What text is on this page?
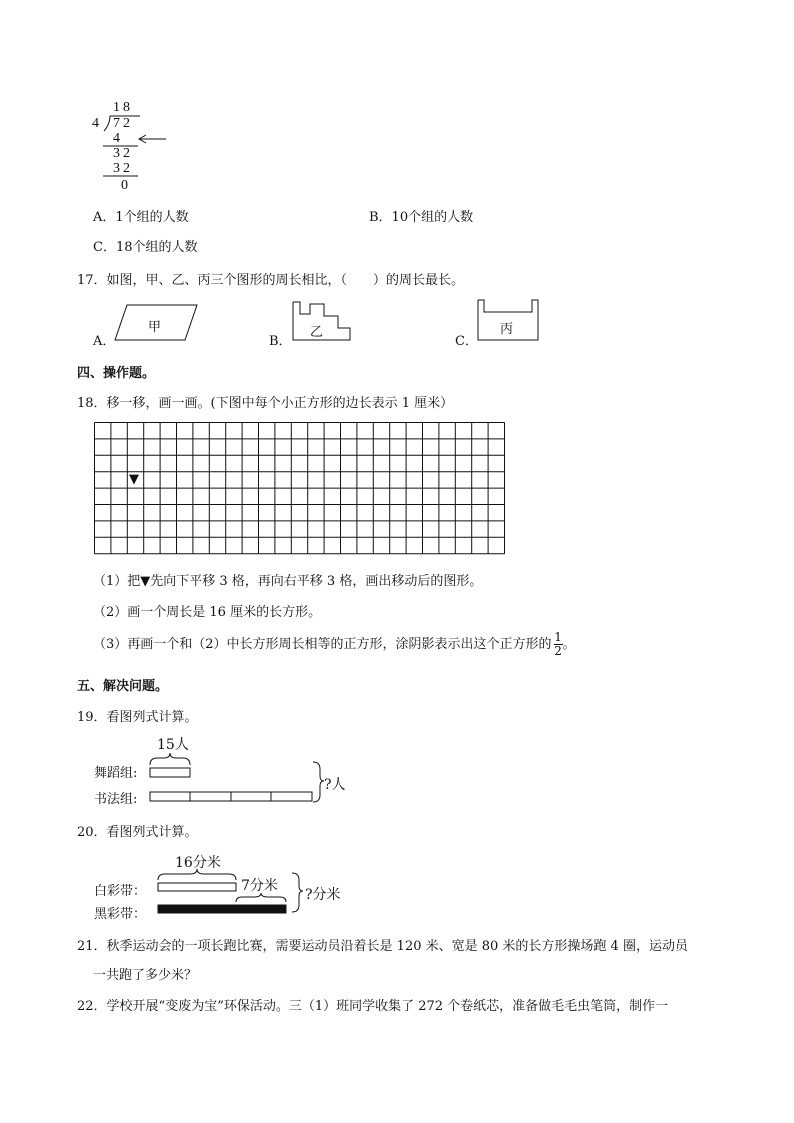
18
4 72
4
32
32
0
A．1个组的人数	B．10个组的人数
C．18个组的人数
17．如图，甲、乙、丙三个图形的周长相比，（　　）的周长最长。
A．	B．	C．
甲	乙	丙
四、操作题。
18．移一移，画一画。(下图中每个小正方形的边长表示 1 厘米）
▼
（1）把▼先向下平移 3 格，再向右平移 3 格，画出移动后的图形。
（2）画一个周长是 16 厘米的长方形。
（3）再画一个和（2）中长方形周长相等的正方形，涂阴影表示出这个正方形的 $\frac{1}{2}$ 。
五、解决问题。
19．看图列式计算。
15人
舞蹈组:
书法组:
?人
20．看图列式计算。
16分米
7分米
白彩带：
黑彩带：
?分米
21．秋季运动会的一项长跑比赛，需要运动员沿着长是 120 米、宽是 80 米的长方形操场跑 4 圈，运动员
一共跑了多少米？
22．学校开展“变废为宝”环保活动。三（1）班同学收集了 272 个卷纸芯，准备做毛毛虫笔筒，制作一
